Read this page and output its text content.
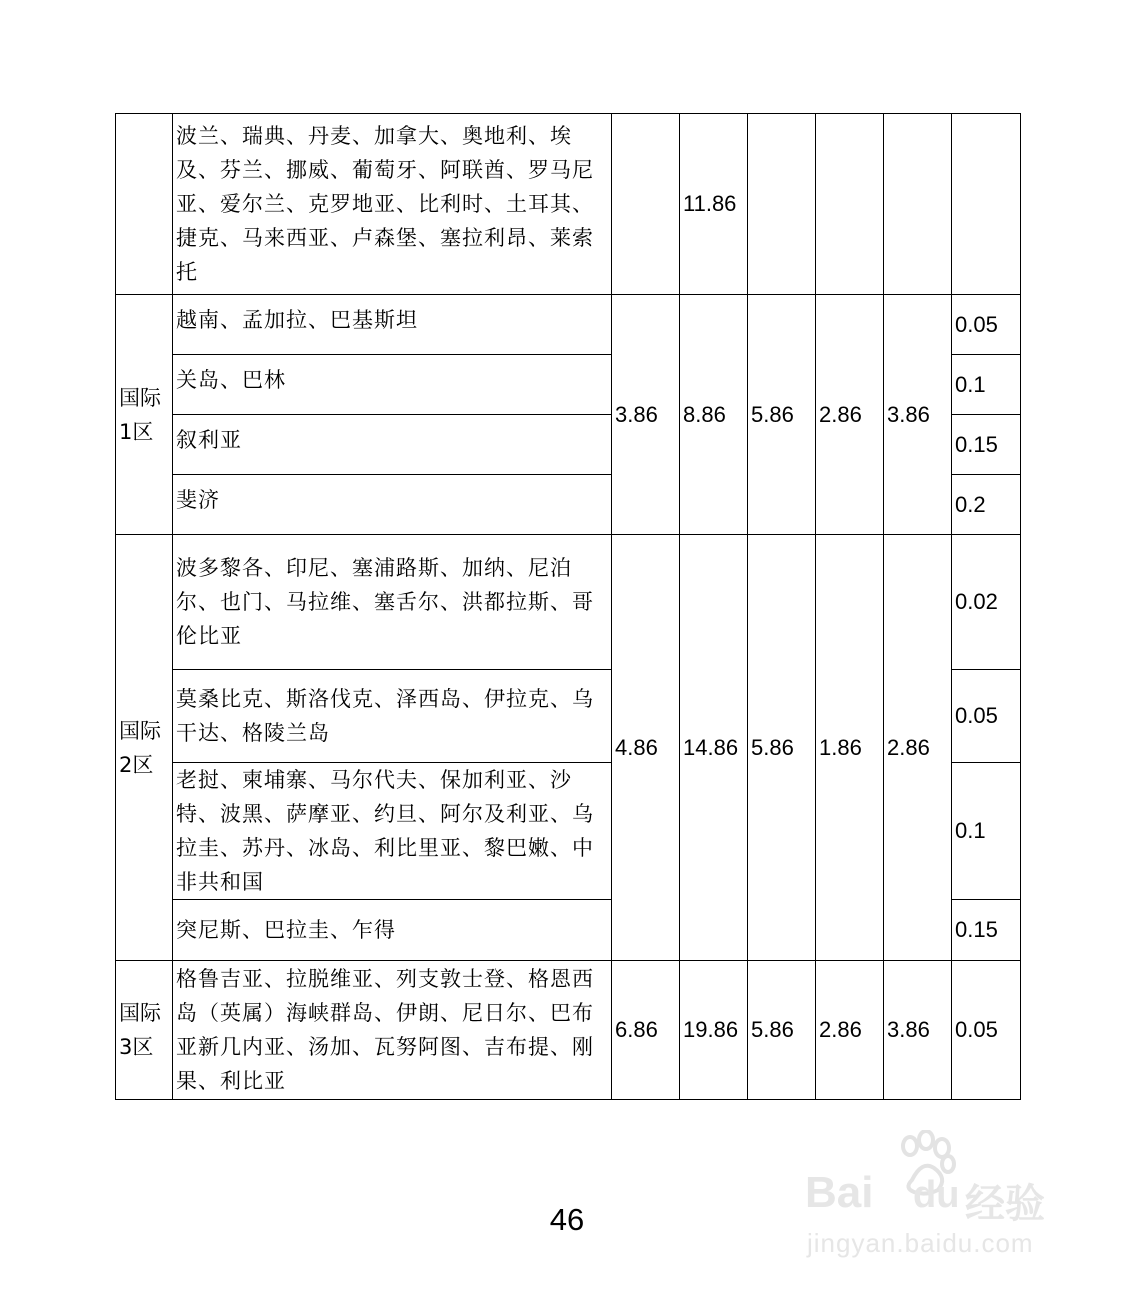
	波兰、瑞典、丹麦、加拿大、奥地利、埃及、芬兰、挪威、葡萄牙、阿联酋、罗马尼亚、爱尔兰、克罗地亚、比利时、土耳其、捷克、马来西亚、卢森堡、塞拉利昂、莱索托		11.86				
国际1区	越南、孟加拉、巴基斯坦	3.86	8.86	5.86	2.86	3.86	0.05
	关岛、巴林						0.1
	叙利亚						0.15
	斐济						0.2
国际2区	波多黎各、印尼、塞浦路斯、加纳、尼泊尔、也门、马拉维、塞舌尔、洪都拉斯、哥伦比亚	4.86	14.86	5.86	1.86	2.86	0.02
	莫桑比克、斯洛伐克、泽西岛、伊拉克、乌干达、格陵兰岛						0.05
	老挝、柬埔寨、马尔代夫、保加利亚、沙特、波黑、萨摩亚、约旦、阿尔及利亚、乌拉圭、苏丹、冰岛、利比里亚、黎巴嫩、中非共和国						0.1
	突尼斯、巴拉圭、乍得						0.15
国际3区	格鲁吉亚、拉脱维亚、列支敦士登、格恩西岛（英属）海峡群岛、伊朗、尼日尔、巴布亚新几内亚、汤加、瓦努阿图、吉布提、刚果、利比亚	6.86	19.86	5.86	2.86	3.86	0.05
46
Bai du 经验
jingyan.baidu.com
